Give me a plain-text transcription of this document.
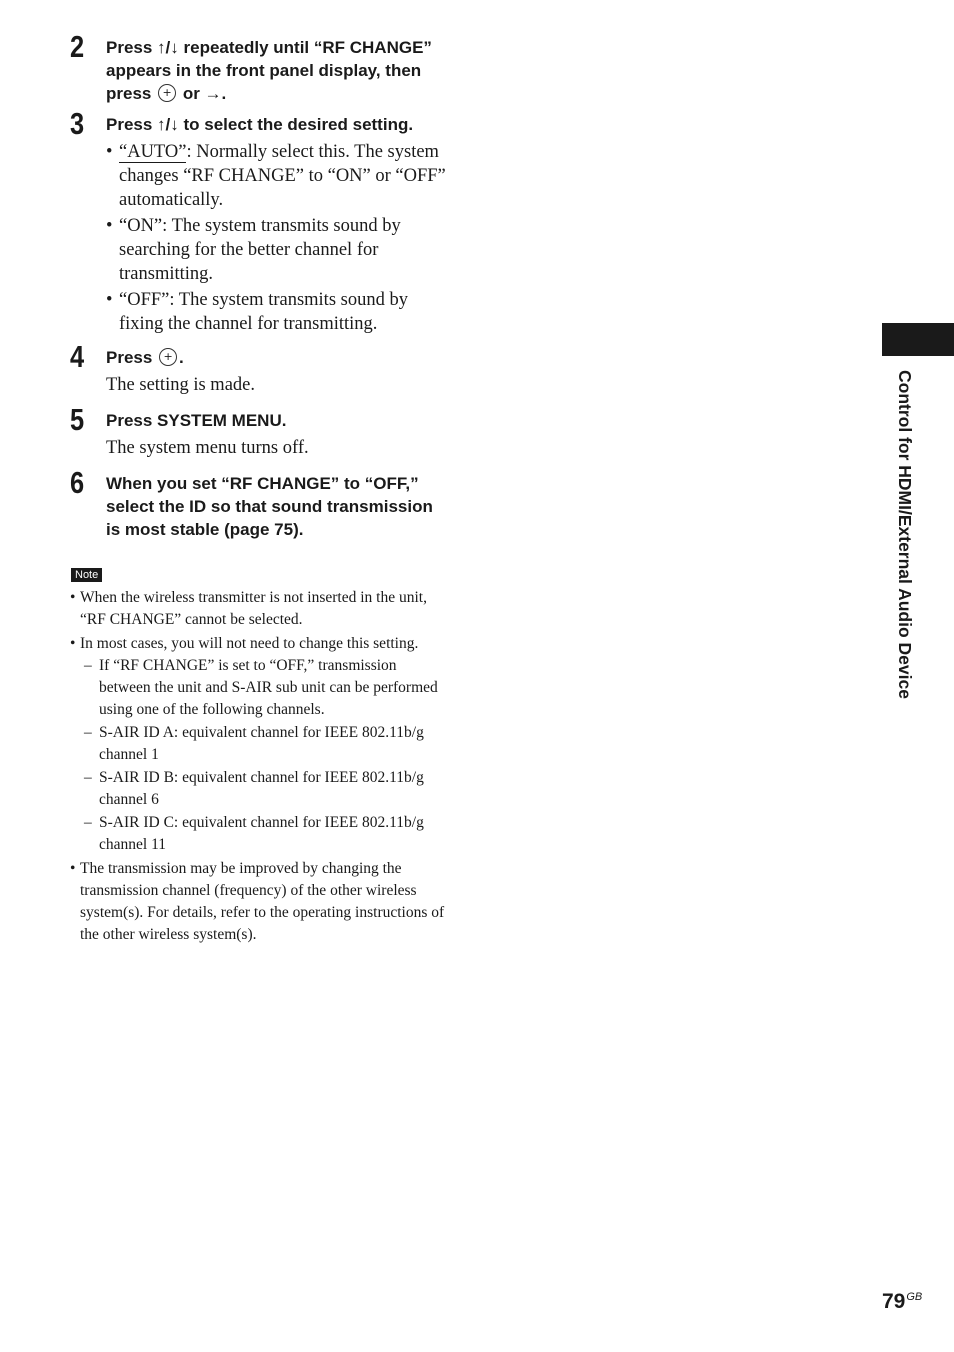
2 Press ↑/↓ repeatedly until “RF CHANGE” appears in the front panel display, then press + or →.

3 Press ↑/↓ to select the desired setting.

• “AUTO”: Normally select this. The system changes “RF CHANGE” to “ON” or “OFF” automatically.
• “ON”: The system transmits sound by searching for the better channel for transmitting.
• “OFF”: The system transmits sound by fixing the channel for transmitting.
4 Press +.

The setting is made.

5 Press SYSTEM MENU.

The system menu turns off.

6 When you set “RF CHANGE” to “OFF,” select the ID so that sound transmission is most stable (page 75).

Note
• When the wireless transmitter is not inserted in the unit, “RF CHANGE” cannot be selected.
• In most cases, you will not need to change this setting.
– If “RF CHANGE” is set to “OFF,” transmission between the unit and S-AIR sub unit can be performed using one of the following channels.
– S-AIR ID A: equivalent channel for IEEE 802.11b/g channel 1
– S-AIR ID B: equivalent channel for IEEE 802.11b/g channel 6
– S-AIR ID C: equivalent channel for IEEE 802.11b/g channel 11
• The transmission may be improved by changing the transmission channel (frequency) of the other wireless system(s). For details, refer to the operating instructions of the other wireless system(s).
Control for HDMI/External Audio Device
$79^{GB}$
